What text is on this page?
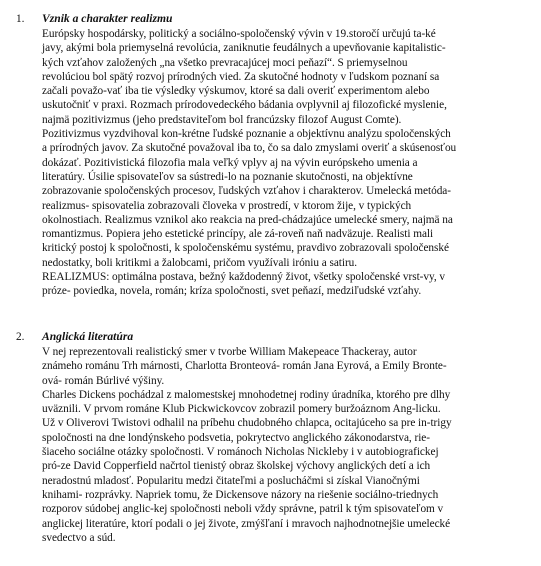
1. Vznik a charakter realizmu
Európsky hospodársky, politický a sociálno-spoločenský vývin v 19.storočí určujú ta-ké
javy, akými bola priemyselná revolúcia, zaniknutie feudálnych a upevňovanie kapitalistic-
kých vzťahov založených „na všetko prevracajúcej moci peňazí“. S priemyselnou
revolúciou bol spätý rozvoj prírodných vied. Za skutočné hodnoty v ľudskom poznaní sa
začali považo-vať iba tie výsledky výskumov, ktoré sa dali overiť experimentom alebo
uskutočniť v praxi. Rozmach prírodovedeckého bádania ovplyvnil aj filozofické myslenie,
najmä pozitivizmus (jeho predstaviteľom bol francúzsky filozof August Comte).
Pozitivizmus vyzdvihoval kon-krétne ľudské poznanie a objektívnu analýzu spoločenských
a prírodných javov. Za skutočné považoval iba to, čo sa dalo zmyslami overiť a skúsenosťou
dokázať. Pozitivistická filozofia mala veľký vplyv aj na vývin európskeho umenia a
literatúry. Úsilie spisovateľov sa sústredi-lo na poznanie skutočnosti, na objektívne
zobrazovanie spoločenských procesov, ľudských vzťahov i charakterov. Umelecká metóda-
realizmus- spisovatelia zobrazovali človeka v prostredí, v ktorom žije, v typických
okolnostiach. Realizmus vznikol ako reakcia na pred-chádzajúce umelecké smery, najmä na
romantizmus. Popiera jeho estetické princípy, ale zá-roveň naň nadväzuje. Realisti mali
kritický postoj k spoločnosti, k spoločenskému systému, pravdivo zobrazovali spoločenské
nedostatky, boli kritikmi a žalobcami, pričom využívali iróniu a satiru.
REALIZMUS: optimálna postava, bežný každodenný život, všetky spoločenské vrst-vy, v
próze- poviedka, novela, román; kríza spoločnosti, svet peňazí, medziľudské vzťahy.
2. Anglická literatúra
V nej reprezentovali realistický smer v tvorbe William Makepeace Thackeray, autor
známeho románu Trh márnosti, Charlotta Bronteová- román Jana Eyrová, a Emily Bronte-
ová- román Búrlivé výšiny.
Charles Dickens pochádzal z malomestskej mnohodetnej rodiny úradníka, ktorého pre dlhy
uväznili. V prvom románe Klub Pickwickovcov zobrazil pomery buržoáznom Ang-licku.
Už v Oliverovi Twistovi odhalil na príbehu chudobného chlapca, ocitajúceho sa pre in-trigy
spoločnosti na dne londýnskeho podsvetia, pokrytectvo anglického zákonodarstva, rie-
šiaceho sociálne otázky spoločnosti. V románoch Nicholas Nickleby i v autobiografickej
pró-ze David Copperfield načrtol tienistý obraz školskej výchovy anglických detí a ich
neradostnú mladosť. Popularitu medzi čitateľmi a poslucháčmi si získal Vianočnými
knihami- rozprávky. Napriek tomu, že Dickensove názory na riešenie sociálno-triednych
rozporov súdobej anglic-kej spoločnosti neboli vždy správne, patril k tým spisovateľom v
anglickej literatúre, ktorí podali o jej živote, zmýšľaní i mravoch najhodnotnejšie umelecké
svedectvo a súd.
